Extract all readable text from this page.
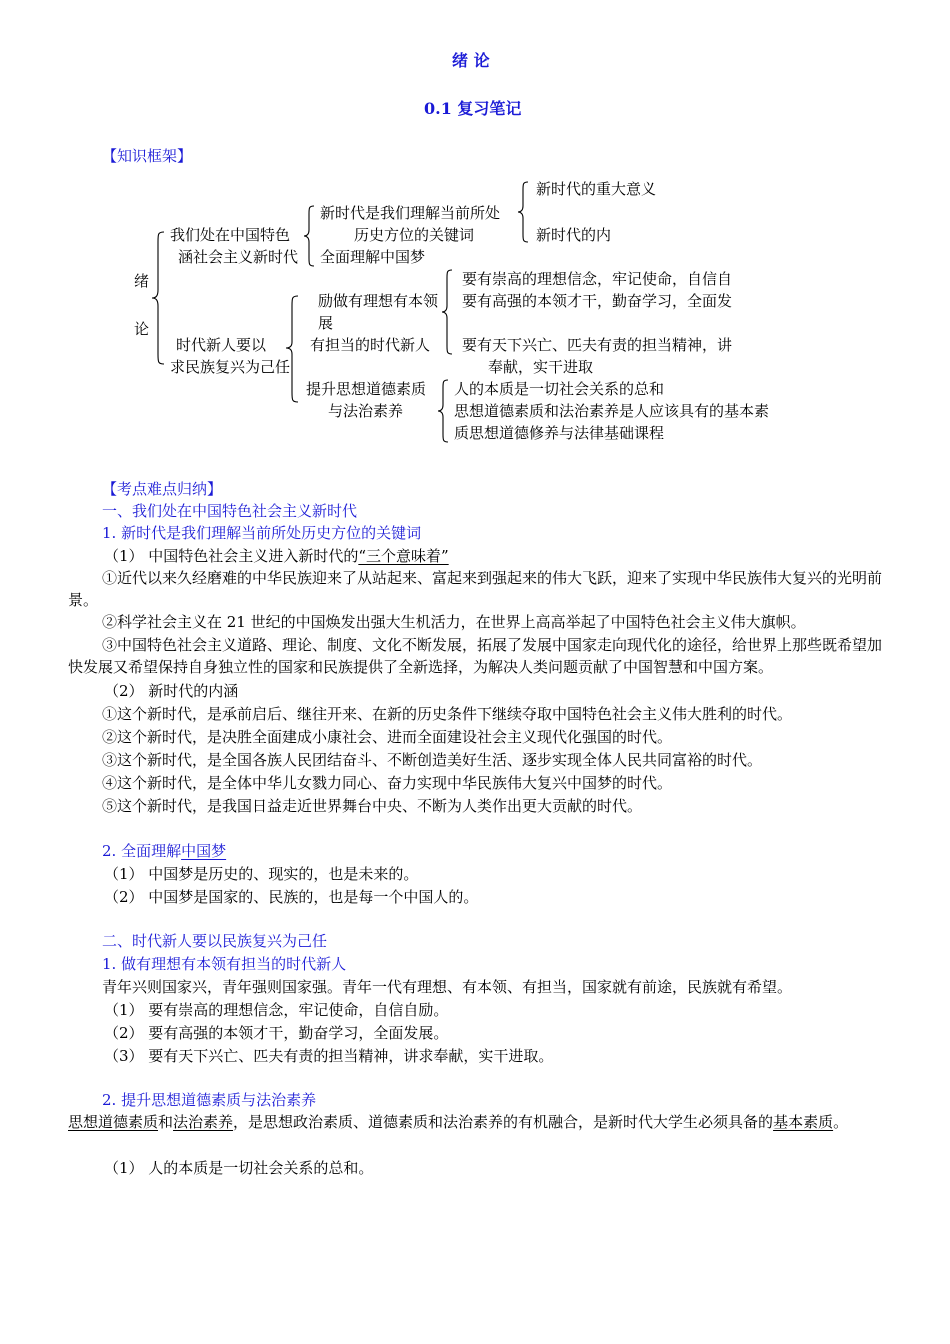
绪 论
0.1 复习笔记
【知识框架】
绪
论
我们处在中国特色
涵社会主义新时代
新时代是我们理解当前所处
历史方位的关键词
全面理解中国梦
新时代的重大意义
新时代的内
时代新人要以
求民族复兴为己任
励做有理想有本领
展
有担当的时代新人
要有崇高的理想信念，牢记使命，自信自
要有高强的本领才干，勤奋学习，全面发
要有天下兴亡、匹夫有责的担当精神，讲
奉献，实干进取
提升思想道德素质
与法治素养
人的本质是一切社会关系的总和
思想道德素质和法治素养是人应该具有的基本素
质思想道德修养与法律基础课程
【考点难点归纳】
一、我们处在中国特色社会主义新时代
1. 新时代是我们理解当前所处历史方位的关键词
（1） 中国特色社会主义进入新时代的“三个意味着”
①近代以来久经磨难的中华民族迎来了从站起来、富起来到强起来的伟大飞跃，迎来了实现中华民族伟大复兴的光明前景。
②科学社会主义在 21 世纪的中国焕发出强大生机活力，在世界上高高举起了中国特色社会主义伟大旗帜。
③中国特色社会主义道路、理论、制度、文化不断发展，拓展了发展中国家走向现代化的途径，给世界上那些既希望加快发展又希望保持自身独立性的国家和民族提供了全新选择，为解决人类问题贡献了中国智慧和中国方案。
（2） 新时代的内涵
①这个新时代，是承前启后、继往开来、在新的历史条件下继续夺取中国特色社会主义伟大胜利的时代。
②这个新时代，是决胜全面建成小康社会、进而全面建设社会主义现代化强国的时代。
③这个新时代，是全国各族人民团结奋斗、不断创造美好生活、逐步实现全体人民共同富裕的时代。
④这个新时代，是全体中华儿女戮力同心、奋力实现中华民族伟大复兴中国梦的时代。
⑤这个新时代，是我国日益走近世界舞台中央、不断为人类作出更大贡献的时代。
2. 全面理解中国梦
（1） 中国梦是历史的、现实的，也是未来的。
（2） 中国梦是国家的、民族的，也是每一个中国人的。
二、时代新人要以民族复兴为己任
1. 做有理想有本领有担当的时代新人
青年兴则国家兴，青年强则国家强。青年一代有理想、有本领、有担当，国家就有前途，民族就有希望。
（1） 要有崇高的理想信念，牢记使命，自信自励。
（2） 要有高强的本领才干，勤奋学习，全面发展。
（3） 要有天下兴亡、匹夫有责的担当精神，讲求奉献，实干进取。
2. 提升思想道德素质与法治素养
思想道德素质和法治素养，是思想政治素质、道德素质和法治素养的有机融合，是新时代大学生必须具备的基本素质。
（1） 人的本质是一切社会关系的总和。
